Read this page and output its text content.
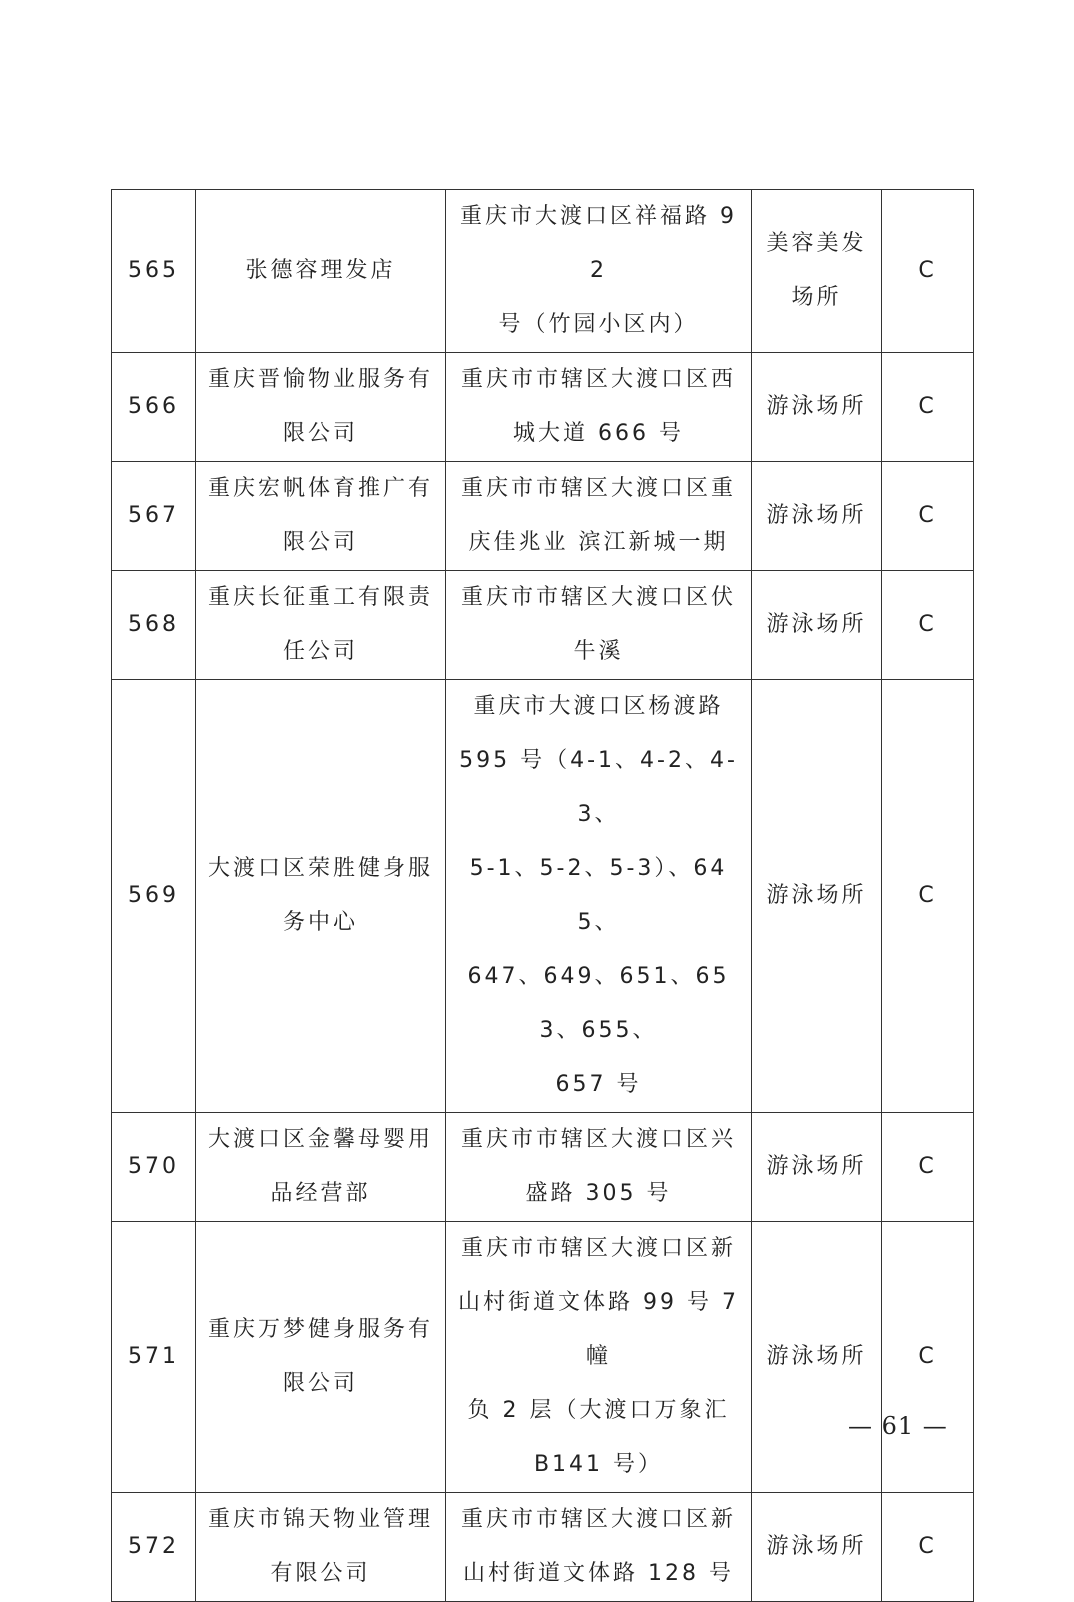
565	张德容理发店	重庆市大渡口区祥福路 92
号（竹园小区内）	美容美发
场所	C
566	重庆晋愉物业服务有
限公司	重庆市市辖区大渡口区西
城大道 666 号	游泳场所	C
567	重庆宏帆体育推广有
限公司	重庆市市辖区大渡口区重
庆佳兆业 滨江新城一期	游泳场所	C
568	重庆长征重工有限责
任公司	重庆市市辖区大渡口区伏
牛溪	游泳场所	C
569	大渡口区荣胜健身服
务中心	重庆市大渡口区杨渡路
595 号（4-1、4-2、4-3、
5-1、5-2、5-3）、645、
647、649、651、653、655、
657 号	游泳场所	C
570	大渡口区金馨母婴用
品经营部	重庆市市辖区大渡口区兴
盛路 305 号	游泳场所	C
571	重庆万梦健身服务有
限公司	重庆市市辖区大渡口区新
山村街道文体路 99 号 7 幢
负 2 层（大渡口万象汇
B141 号）	游泳场所	C
572	重庆市锦天物业管理
有限公司	重庆市市辖区大渡口区新
山村街道文体路 128 号	游泳场所	C
— 61 —
